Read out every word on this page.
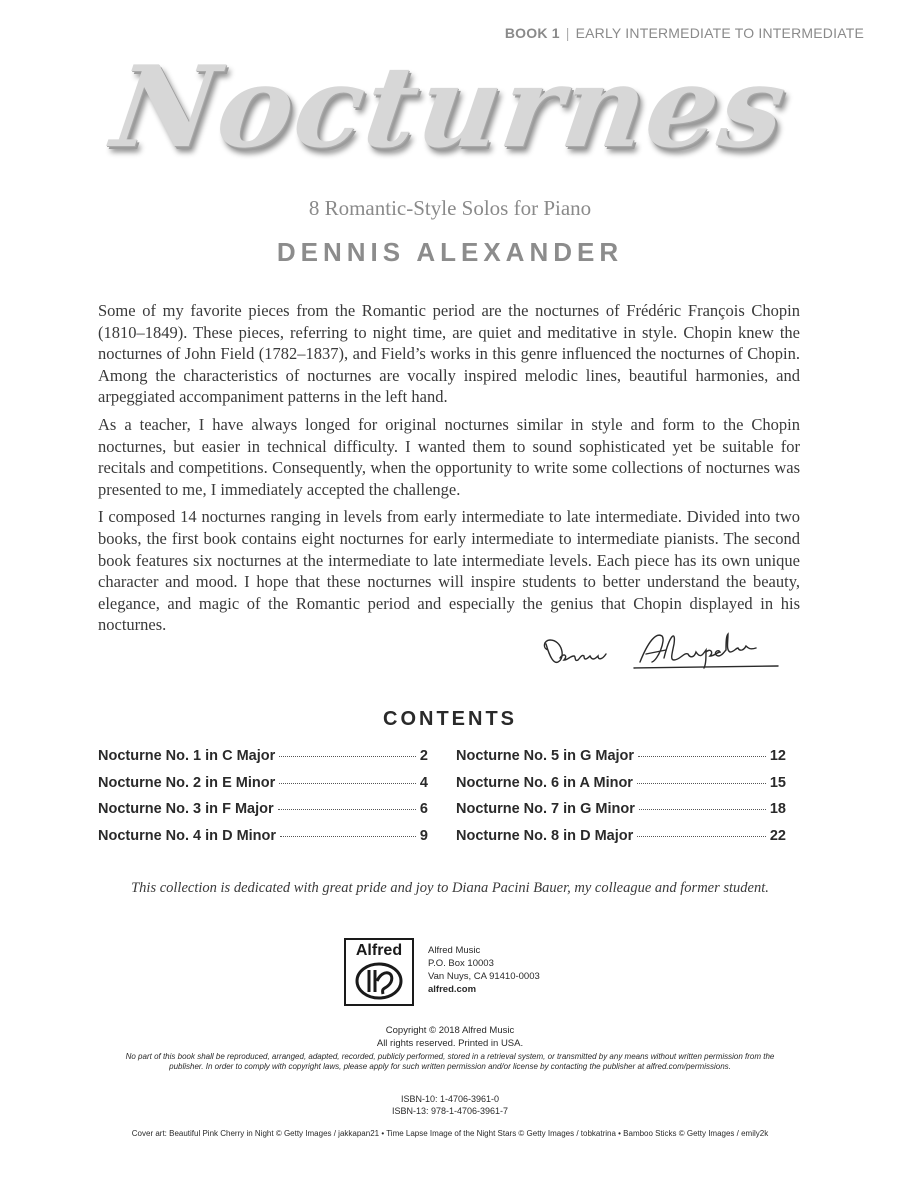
BOOK 1 | EARLY INTERMEDIATE TO INTERMEDIATE
Nocturnes
8 Romantic-Style Solos for Piano
DENNIS ALEXANDER

Some of my favorite pieces from the Romantic period are the nocturnes of Frédéric François Chopin (1810–1849). These pieces, referring to night time, are quiet and meditative in style. Chopin knew the nocturnes of John Field (1782–1837), and Field’s works in this genre influenced the nocturnes of Chopin. Among the characteristics of nocturnes are vocally inspired melodic lines, beautiful harmonies, and arpeggiated accompaniment patterns in the left hand.

As a teacher, I have always longed for original nocturnes similar in style and form to the Chopin nocturnes, but easier in technical difficulty. I wanted them to sound sophisticated yet be suitable for recitals and competitions. Consequently, when the opportunity to write some collections of nocturnes was presented to me, I immediately accepted the challenge.

I composed 14 nocturnes ranging in levels from early intermediate to late intermediate. Divided into two books, the first book contains eight nocturnes for early intermediate to intermediate pianists. The second book features six nocturnes at the intermediate to late intermediate levels. Each piece has its own unique character and mood. I hope that these nocturnes will inspire students to better understand the beauty, elegance, and magic of the Romantic period and especially the genius that Chopin displayed in his nocturnes.

CONTENTS
Nocturne No. 1 in C Major	2
Nocturne No. 2 in E Minor	4
Nocturne No. 3 in F Major	6
Nocturne No. 4 in D Minor	9
Nocturne No. 5 in G Major	12
Nocturne No. 6 in A Minor	15
Nocturne No. 7 in G Minor	18
Nocturne No. 8 in D Major	22
This collection is dedicated with great pride and joy to Diana Pacini Bauer, my colleague and former student.
Alfred	Alfred Music
P.O. Box 10003
Van Nuys, CA 91410-0003
alfred.com
Copyright © 2018 Alfred Music
All rights reserved. Printed in USA.
No part of this book shall be reproduced, arranged, adapted, recorded, publicly performed, stored in a retrieval system, or transmitted by any means without written permission from the publisher. In order to comply with copyright laws, please apply for such written permission and/or license by contacting the publisher at alfred.com/permissions.
ISBN-10: 1-4706-3961-0
ISBN-13: 978-1-4706-3961-7
Cover art: Beautiful Pink Cherry in Night © Getty Images / jakkapan21 • Time Lapse Image of the Night Stars © Getty Images / tobkatrina • Bamboo Sticks © Getty Images / emily2k
